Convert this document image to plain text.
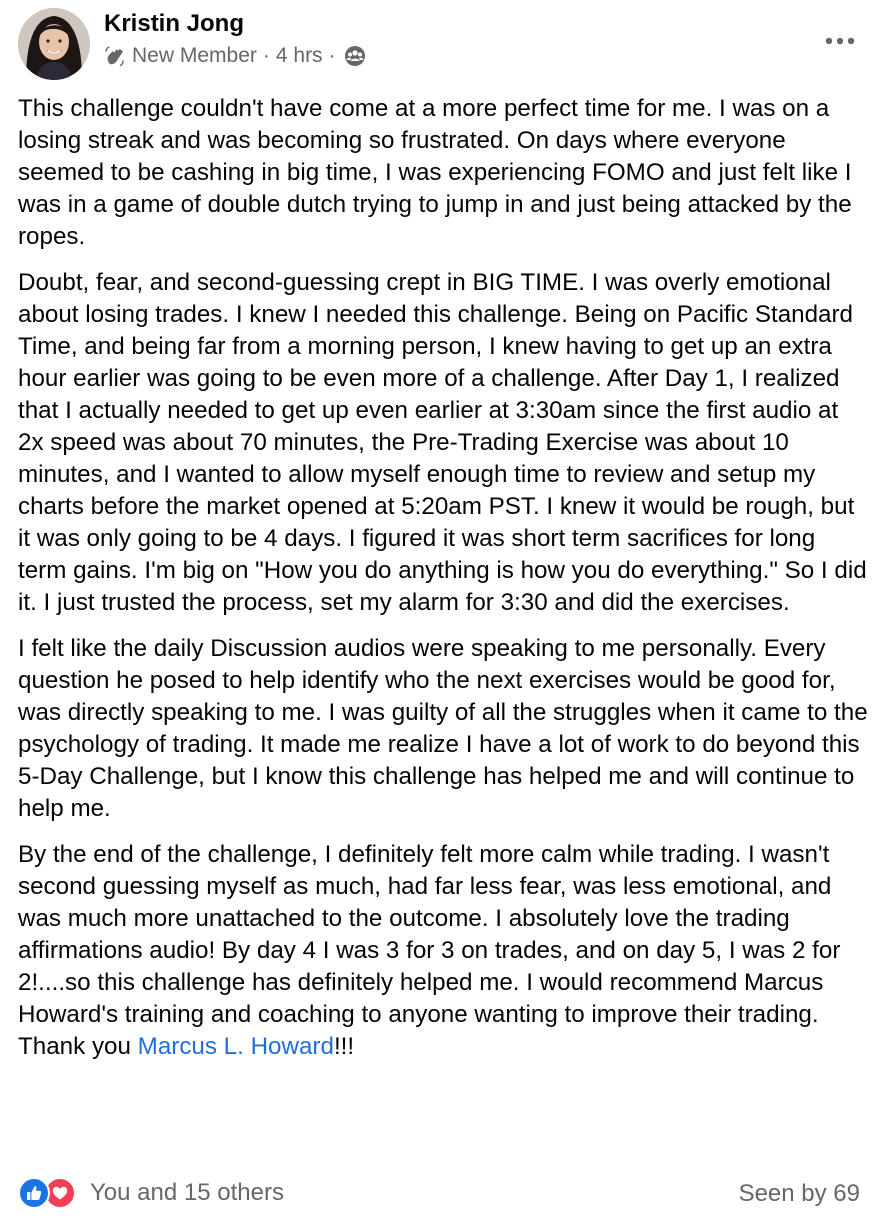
Kristin Jong
New Member · 4 hrs ·

This challenge couldn't have come at a more perfect time for me. I was on a losing streak and was becoming so frustrated. On days where everyone seemed to be cashing in big time, I was experiencing FOMO and just felt like I was in a game of double dutch trying to jump in and just being attacked by the ropes.

Doubt, fear, and second-guessing crept in BIG TIME. I was overly emotional about losing trades. I knew I needed this challenge. Being on Pacific Standard Time, and being far from a morning person, I knew having to get up an extra hour earlier was going to be even more of a challenge. After Day 1, I realized that I actually needed to get up even earlier at 3:30am since the first audio at 2x speed was about 70 minutes, the Pre-Trading Exercise was about 10 minutes, and I wanted to allow myself enough time to review and setup my charts before the market opened at 5:20am PST. I knew it would be rough, but it was only going to be 4 days. I figured it was short term sacrifices for long term gains. I'm big on "How you do anything is how you do everything." So I did it. I just trusted the process, set my alarm for 3:30 and did the exercises.

I felt like the daily Discussion audios were speaking to me personally. Every question he posed to help identify who the next exercises would be good for, was directly speaking to me. I was guilty of all the struggles when it came to the psychology of trading. It made me realize I have a lot of work to do beyond this 5-Day Challenge, but I know this challenge has helped me and will continue to help me.

By the end of the challenge, I definitely felt more calm while trading. I wasn't second guessing myself as much, had far less fear, was less emotional, and was much more unattached to the outcome. I absolutely love the trading affirmations audio! By day 4 I was 3 for 3 on trades, and on day 5, I was 2 for 2!....so this challenge has definitely helped me. I would recommend Marcus Howard's training and coaching to anyone wanting to improve their trading. Thank you Marcus L. Howard!!!

You and 15 others	Seen by 69
